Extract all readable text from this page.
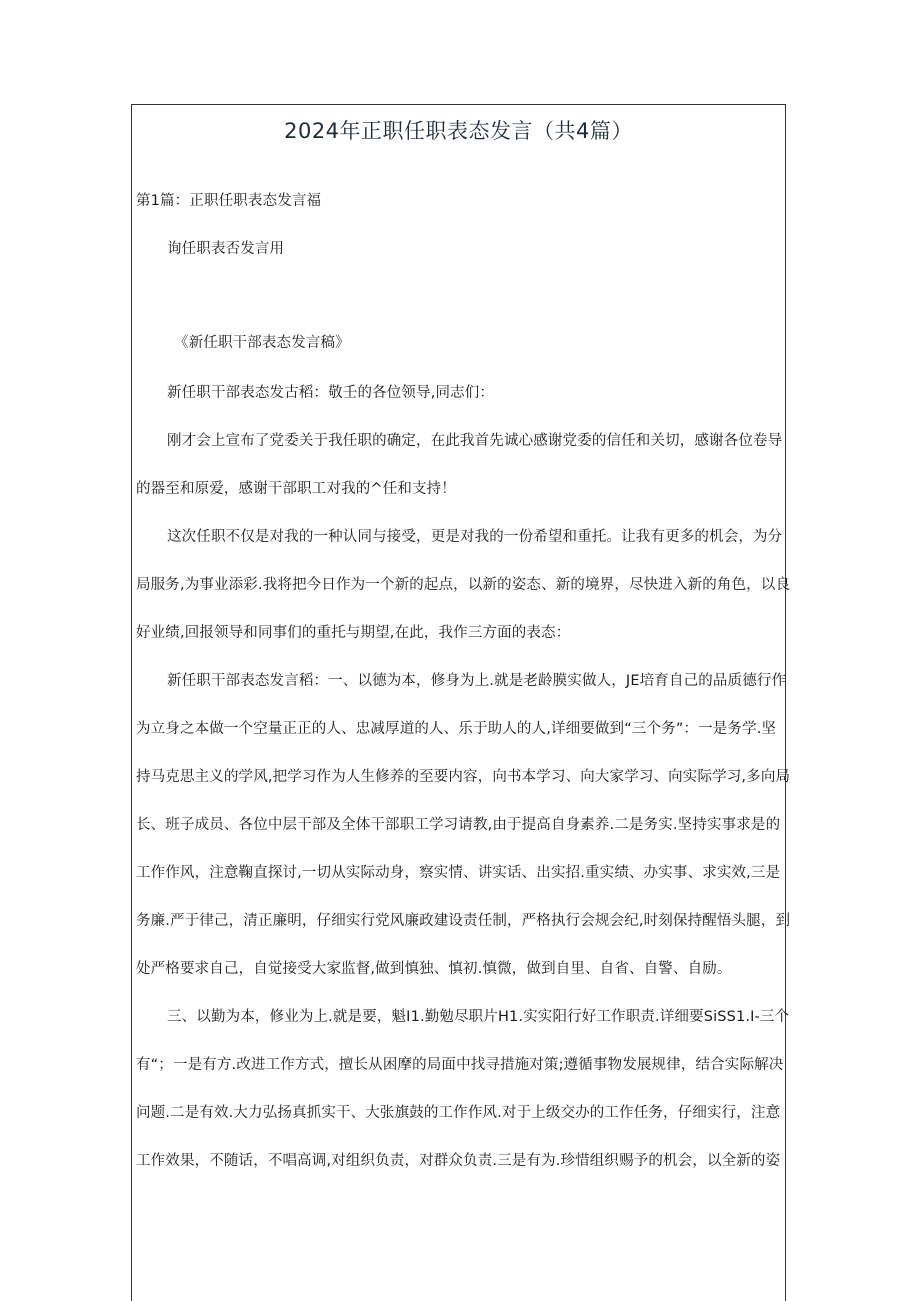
2024年正职任职表态发言（共4篇）
第1篇：正职任职表态发言福
询任职表否发言用
《新任职干部表态发言稿》
新任职干部表态发古稻：敬壬的各位领导,同志们：
刚才会上宣布了党委关于我任职的确定，在此我首先诚心感谢党委的信任和关切，感谢各位卷导
的器至和原爱，感谢干部职工对我的^任和支持！
这次任职不仅是对我的一种认同与接受，更是对我的一份希望和重托。让我有更多的机会，为分
局服务,为事业添彩.我将把今日作为一个新的起点，以新的姿态、新的境界，尽快进入新的角色，以良
好业绩,回报领导和同事们的重托与期望,在此，我作三方面的表态：
新任职干部表态发言稻：一、以德为本，修身为上.就是老龄膜实做人，JE培育自己的品质德行作
为立身之本做一个空量正正的人、忠减厚道的人、乐于助人的人,详细要做到“三个务”：一是务学.坚
持马克思主义的学风,把学习作为人生修养的至要内容，向书本学习、向大家学习、向实际学习,多向局
长、班子成员、各位中层干部及全体干部职工学习请教,由于提高自身素养.二是务实.坚持实事求是的
工作作风，注意鞠直探讨,一切从实际动身，察实情、讲实话、出实招.重实绩、办实事、求实效,三是
务廉.严于律己，清正廉明，仔细实行党风廉政建设责任制，严格执行会规会纪,时刻保持醒悟头腿，到
处严格要求自己，自觉接受大家监督,做到慎独、慎初.慎微，做到自里、自省、自警、自励。
三、以勤为本，修业为上.就是要，魁I1.勤勉尽职片H1.实实阳行好工作职责.详细要SiSS1.I-三个
有“；一是有方.改进工作方式，擅长从困摩的局面中找寻措施对策;遵循事物发展规律，结合实际解决
问题.二是有效.大力弘扬真抓实干、大张旗鼓的工作作风.对于上级交办的工作任务，仔细实行，注意
工作效果，不随话，不唱高调,对组织负责，对群众负责.三是有为.珍惜组织赐予的机会，以全新的姿
